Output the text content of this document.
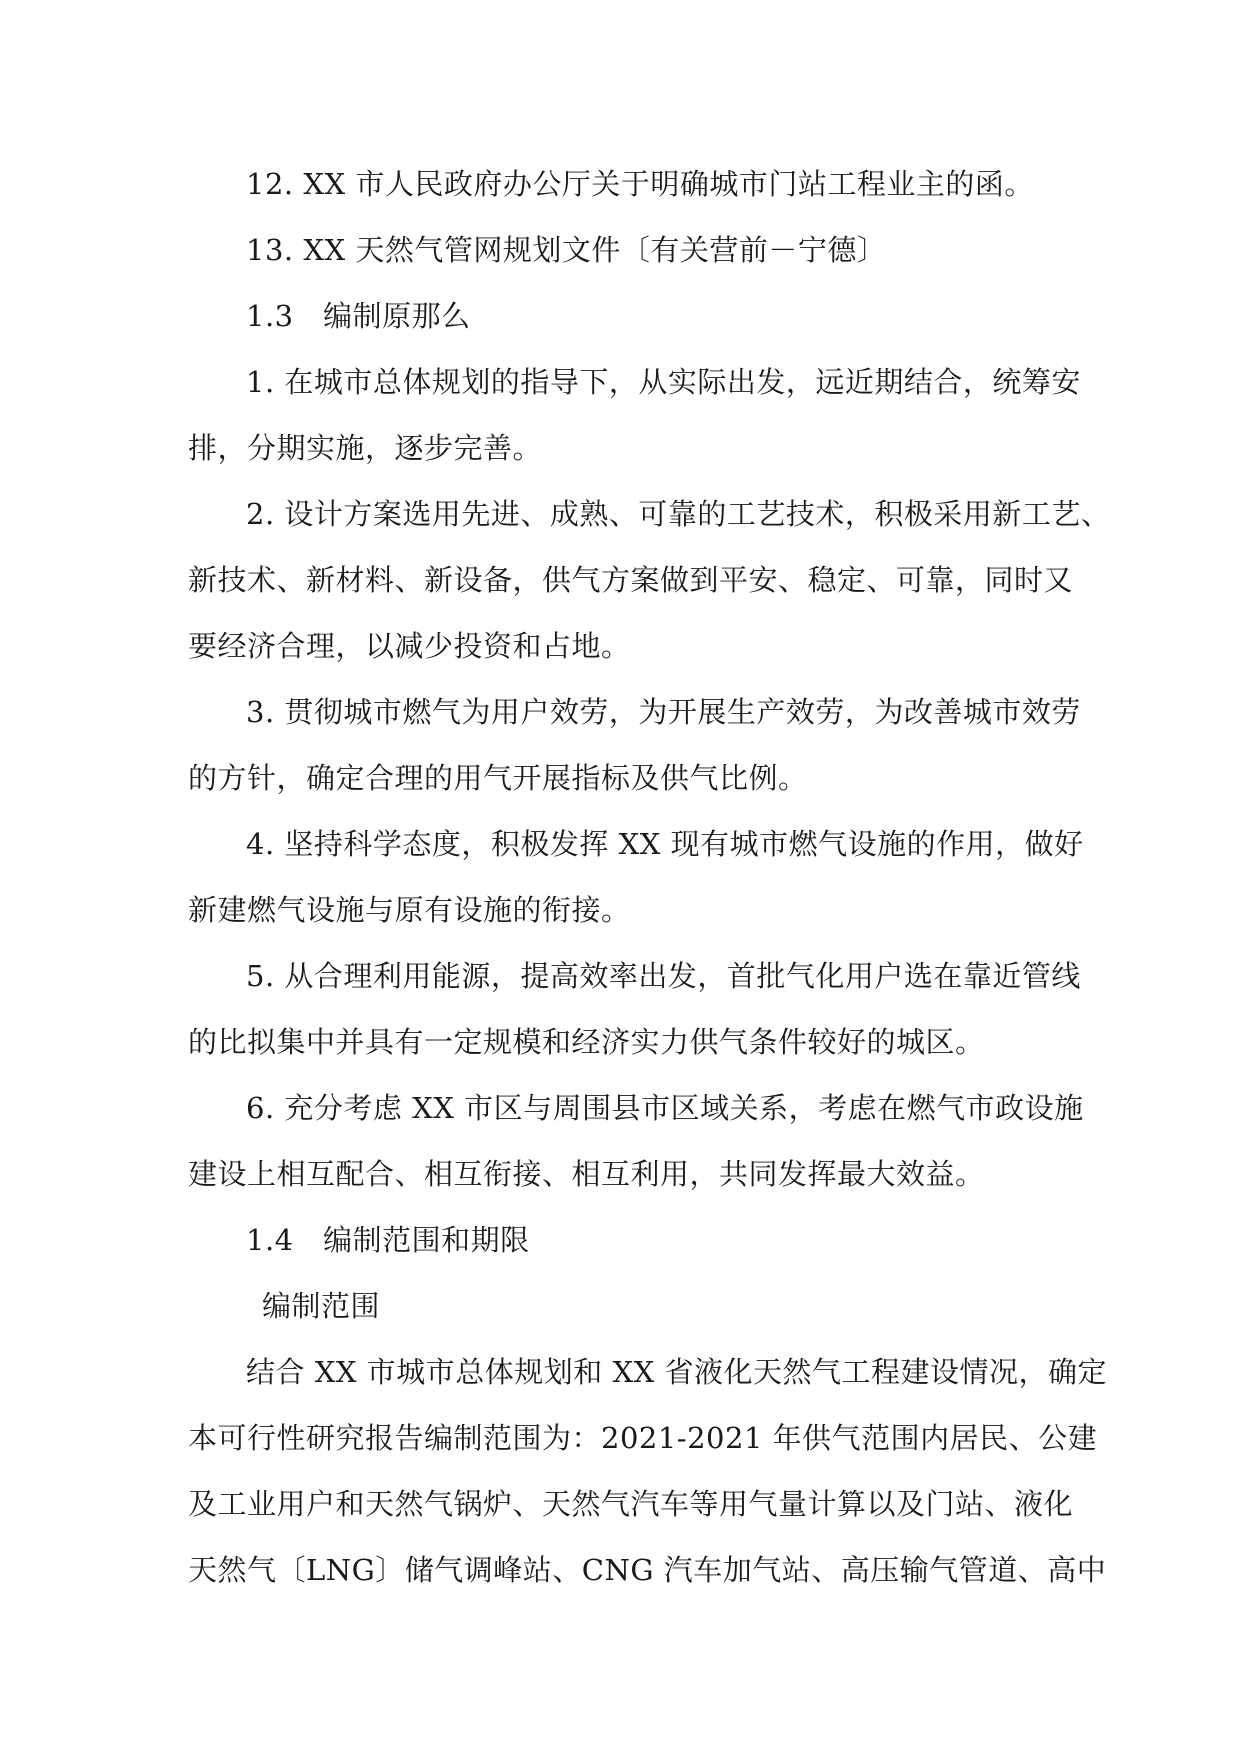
12. XX 市人民政府办公厅关于明确城市门站工程业主的函。
13. XX 天然气管网规划文件〔有关营前－宁德〕
1.3　编制原那么
1. 在城市总体规划的指导下，从实际出发，远近期结合，统筹安
排，分期实施，逐步完善。
2. 设计方案选用先进、成熟、可靠的工艺技术，积极采用新工艺、
新技术、新材料、新设备，供气方案做到平安、稳定、可靠，同时又
要经济合理，以减少投资和占地。
3. 贯彻城市燃气为用户效劳，为开展生产效劳，为改善城市效劳
的方针，确定合理的用气开展指标及供气比例。
4. 坚持科学态度，积极发挥 XX 现有城市燃气设施的作用，做好
新建燃气设施与原有设施的衔接。
5. 从合理利用能源，提高效率出发，首批气化用户选在靠近管线
的比拟集中并具有一定规模和经济实力供气条件较好的城区。
6. 充分考虑 XX 市区与周围县市区域关系，考虑在燃气市政设施
建设上相互配合、相互衔接、相互利用，共同发挥最大效益。
1.4　编制范围和期限
编制范围
结合 XX 市城市总体规划和 XX 省液化天然气工程建设情况，确定
本可行性研究报告编制范围为：2021-2021 年供气范围内居民、公建
及工业用户和天然气锅炉、天然气汽车等用气量计算以及门站、液化
天然气〔LNG〕储气调峰站、CNG 汽车加气站、高压输气管道、高中
